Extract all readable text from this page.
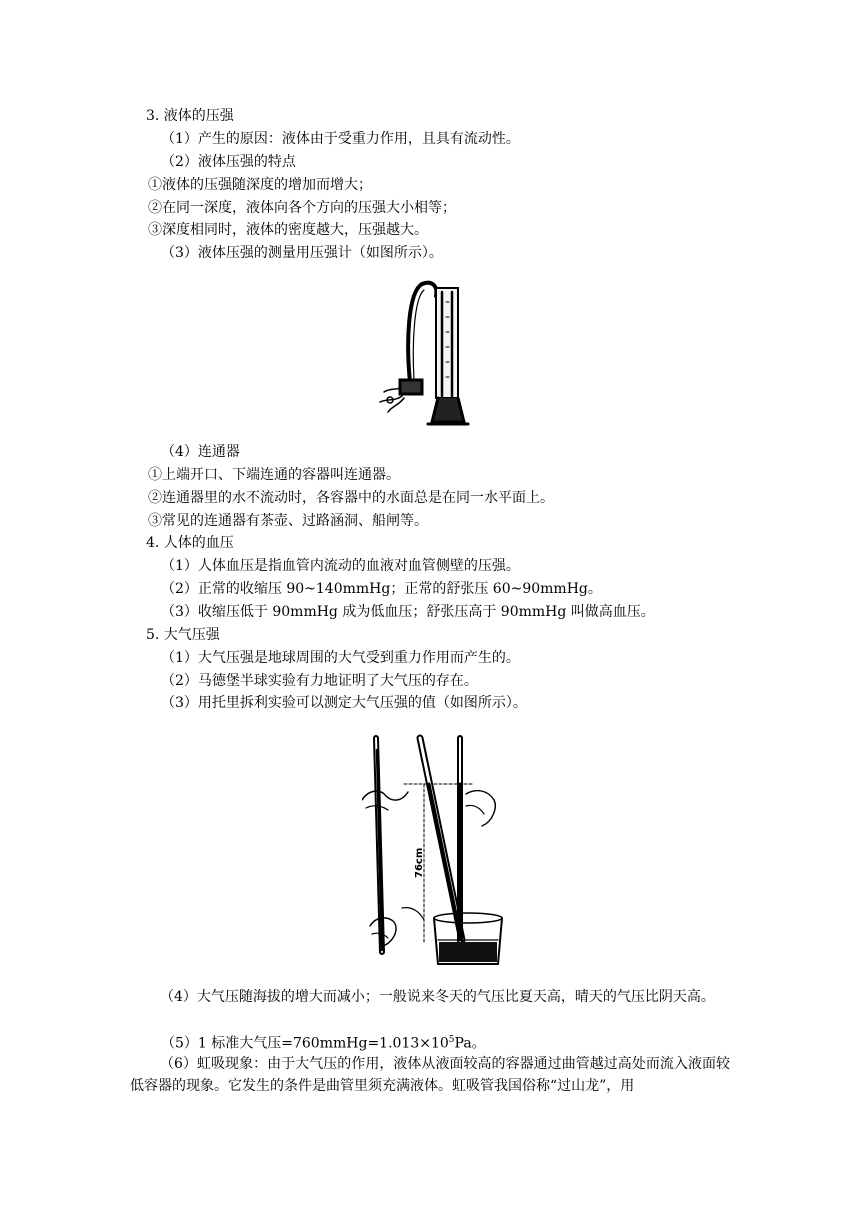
3. 液体的压强
（1）产生的原因：液体由于受重力作用，且具有流动性。
（2）液体压强的特点
①液体的压强随深度的增加而增大；
②在同一深度，液体向各个方向的压强大小相等；
③深度相同时，液体的密度越大，压强越大。
（3）液体压强的测量用压强计（如图所示）。
（4）连通器
①上端开口、下端连通的容器叫连通器。
②连通器里的水不流动时，各容器中的水面总是在同一水平面上。
③常见的连通器有茶壶、过路涵洞、船闸等。
4. 人体的血压
（1）人体血压是指血管内流动的血液对血管侧壁的压强。
（2）正常的收缩压 90~140mmHg；正常的舒张压 60~90mmHg。
（3）收缩压低于 90mmHg 成为低血压；舒张压高于 90mmHg 叫做高血压。
5. 大气压强
（1）大气压强是地球周围的大气受到重力作用而产生的。
（2）马德堡半球实验有力地证明了大气压的存在。
（3）用托里拆利实验可以测定大气压强的值（如图所示）。
76cm
（4）大气压随海拔的增大而减小；一般说来冬天的气压比夏天高，晴天的气压比阴天高。
（5）1 标准大气压$=760mmHg=1.013\times 10^5Pa$。
（6）虹吸现象：由于大气压的作用，液体从液面较高的容器通过曲管越过高处而流入液面较低容器的现象。它发生的条件是曲管里须充满液体。虹吸管我国俗称“过山龙”，用
